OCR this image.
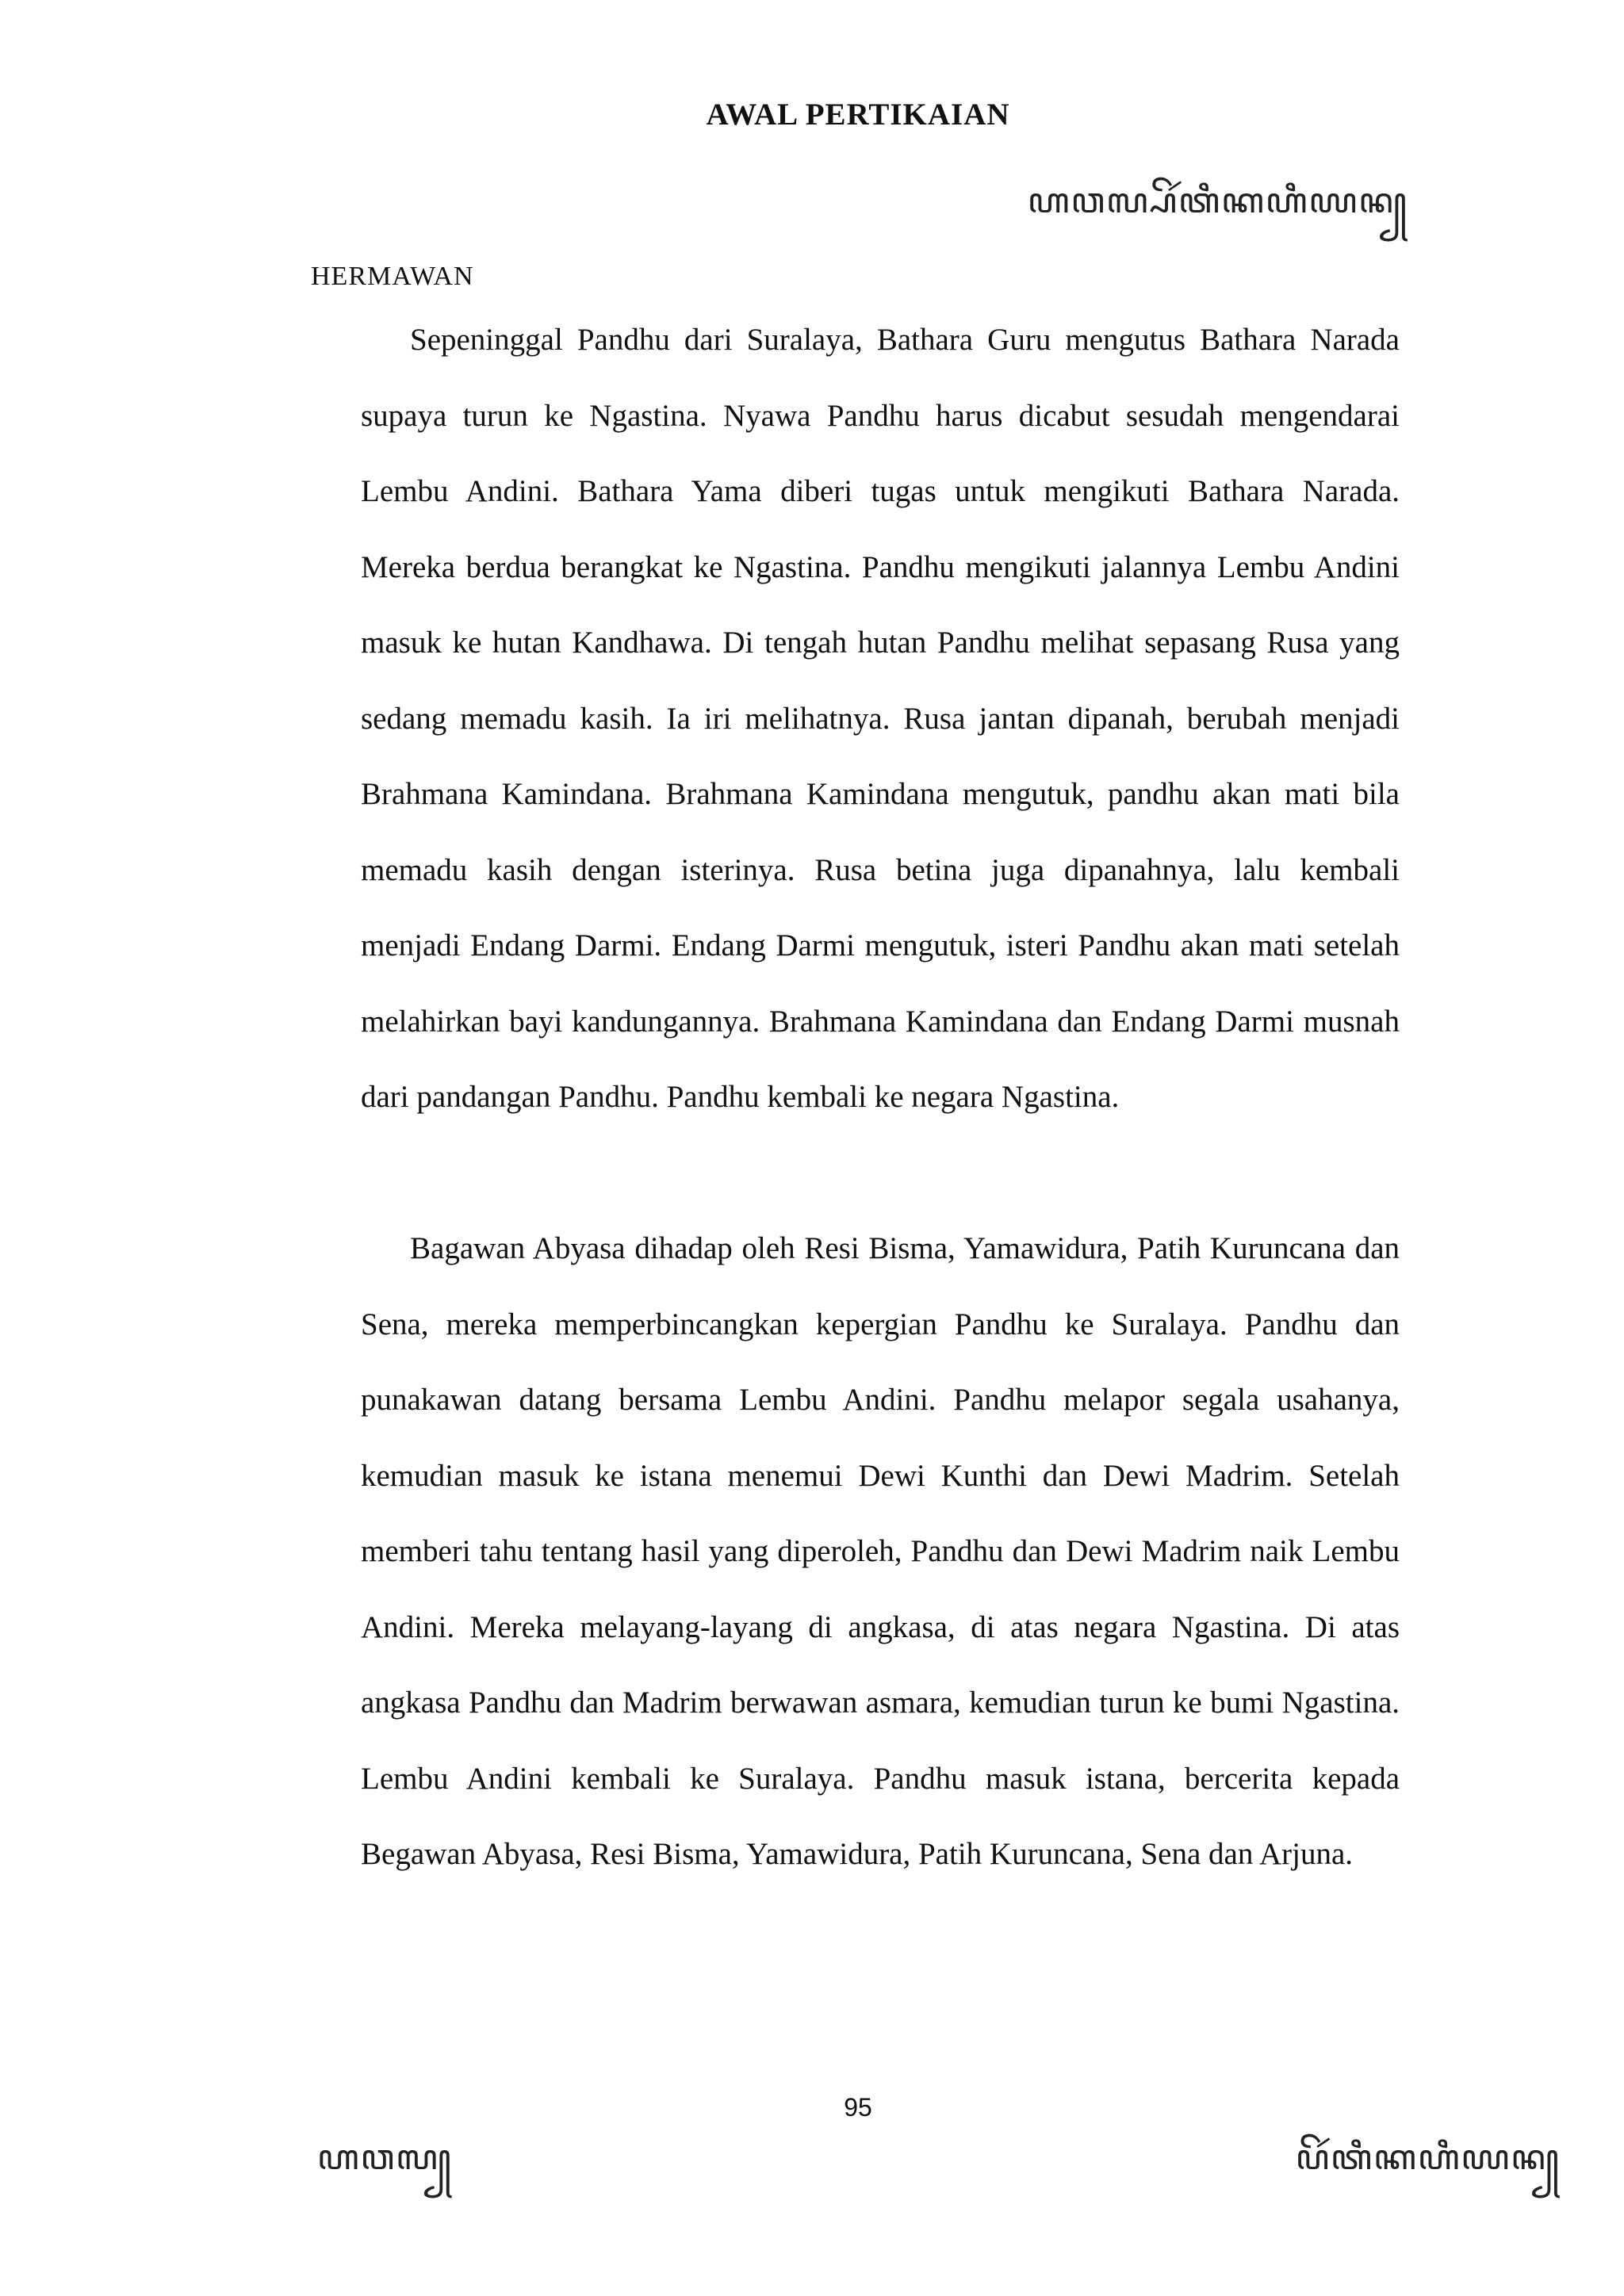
AWAL PERTIKAIAN
ꦲꦮꦭ꧀ꦥꦼꦂꦠꦶꦏꦲꦶꦪꦤ꧀
HERMAWAN

Sepeninggal Pandhu dari Suralaya, Bathara Guru mengutus Bathara Narada supaya turun ke Ngastina. Nyawa Pandhu harus dicabut sesudah mengendarai Lembu Andini. Bathara Yama diberi tugas untuk mengikuti Bathara Narada. Mereka berdua berangkat ke Ngastina. Pandhu mengikuti jalannya Lembu Andini masuk ke hutan Kandhawa. Di tengah hutan Pandhu melihat sepasang Rusa yang sedang memadu kasih. Ia iri melihatnya. Rusa jantan dipanah, berubah menjadi Brahmana Kamindana. Brahmana Kamindana mengutuk, pandhu akan mati bila memadu kasih dengan isterinya. Rusa betina juga dipanahnya, lalu kembali menjadi Endang Darmi. Endang Darmi mengutuk, isteri Pandhu akan mati setelah melahirkan bayi kandungannya. Brahmana Kamindana dan Endang Darmi musnah dari pandangan Pandhu. Pandhu kembali ke negara Ngastina.

Bagawan Abyasa dihadap oleh Resi Bisma, Yamawidura, Patih Kuruncana dan Sena, mereka memperbincangkan kepergian Pandhu ke Suralaya. Pandhu dan punakawan datang bersama Lembu Andini. Pandhu melapor segala usahanya, kemudian masuk ke istana menemui Dewi Kunthi dan Dewi Madrim. Setelah memberi tahu tentang hasil yang diperoleh, Pandhu dan Dewi Madrim naik Lembu Andini. Mereka melayang-layang di angkasa, di atas negara Ngastina. Di atas angkasa Pandhu dan Madrim berwawan asmara, kemudian turun ke bumi Ngastina. Lembu Andini kembali ke Suralaya. Pandhu masuk istana, bercerita kepada Begawan Abyasa, Resi Bisma, Yamawidura, Patih Kuruncana, Sena dan Arjuna.

95
ꦲꦮꦭ꧀	ꦥꦼꦂꦠꦶꦏꦲꦶꦪꦤ꧀
